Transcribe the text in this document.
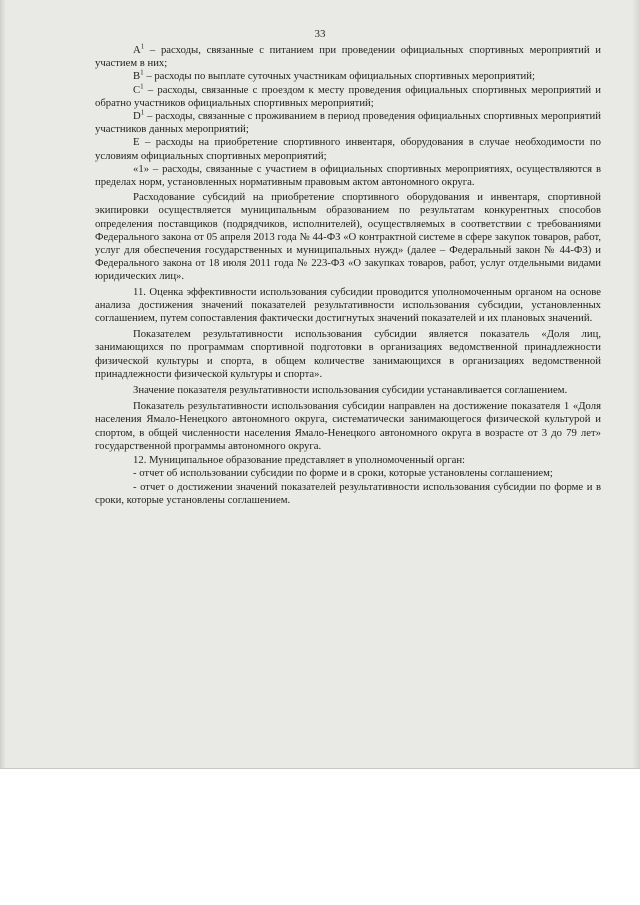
33

$A^1$ – расходы, связанные с питанием при проведении официальных спортивных мероприятий и участием в них;

$B^1$ – расходы по выплате суточных участникам официальных спортивных мероприятий;

$C^1$ – расходы, связанные с проездом к месту проведения официальных спортивных мероприятий и обратно участников официальных спортивных мероприятий;

$D^1$ – расходы, связанные с проживанием в период проведения официальных спортивных мероприятий участников данных мероприятий;

E – расходы на приобретение спортивного инвентаря, оборудования в случае необходимости по условиям официальных спортивных мероприятий;

«1» – расходы, связанные с участием в официальных спортивных мероприятиях, осуществляются в пределах норм, установленных нормативным правовым актом автономного округа.

Расходование субсидий на приобретение спортивного оборудования и инвентаря, спортивной экипировки осуществляется муниципальным образованием по результатам конкурентных способов определения поставщиков (подрядчиков, исполнителей), осуществляемых в соответствии с требованиями Федерального закона от 05 апреля 2013 года № 44-ФЗ «О контрактной системе в сфере закупок товаров, работ, услуг для обеспечения государственных и муниципальных нужд» (далее – Федеральный закон № 44-ФЗ) и Федерального закона от 18 июля 2011 года № 223-ФЗ «О закупках товаров, работ, услуг отдельными видами юридических лиц».

11. Оценка эффективности использования субсидии проводится уполномоченным органом на основе анализа достижения значений показателей результативности использования субсидии, установленных соглашением, путем сопоставления фактически достигнутых значений показателей и их плановых значений.

Показателем результативности использования субсидии является показатель «Доля лиц, занимающихся по программам спортивной подготовки в организациях ведомственной принадлежности физической культуры и спорта, в общем количестве занимающихся в организациях ведомственной принадлежности физической культуры и спорта».

Значение показателя результативности использования субсидии устанавливается соглашением.

Показатель результативности использования субсидии направлен на достижение показателя 1 «Доля населения Ямало-Ненецкого автономного округа, систематически занимающегося физической культурой и спортом, в общей численности населения Ямало-Ненецкого автономного округа в возрасте от 3 до 79 лет» государственной программы автономного округа.

12. Муниципальное образование представляет в уполномоченный орган:

- отчет об использовании субсидии по форме и в сроки, которые установлены соглашением;

- отчет о достижении значений показателей результативности использования субсидии по форме и в сроки, которые установлены соглашением.
